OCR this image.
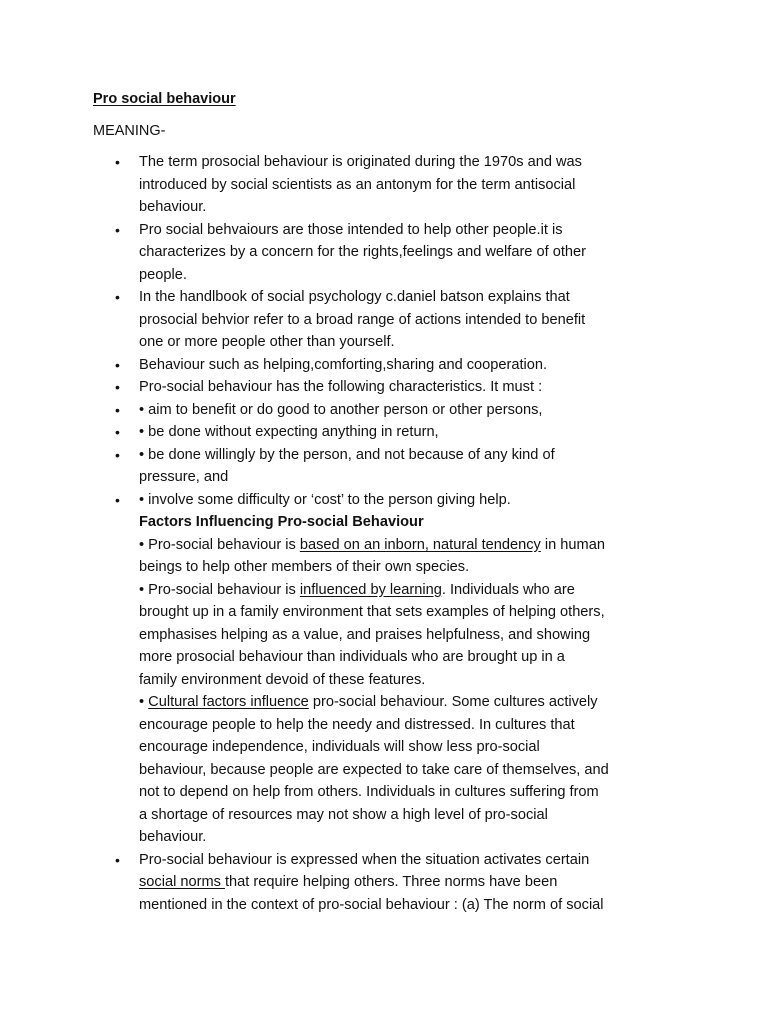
Pro social behaviour
MEANING-
• The term prosocial behaviour is originated during the 1970s and was
introduced by social scientists as an antonym for the term antisocial
behaviour.
• Pro social behvaiours are those intended to help other people.it is
characterizes by a concern for the rights,feelings and welfare of other
people.
• In the handlbook of social psychology c.daniel batson explains that
prosocial behvior refer to a broad range of actions intended to benefit
one or more people other than yourself.
• Behaviour such as helping,comforting,sharing and cooperation.
• Pro-social behaviour has the following characteristics. It must :
• • aim to benefit or do good to another person or other persons,
• • be done without expecting anything in return,
• • be done willingly by the person, and not because of any kind of
pressure, and
• • involve some difficulty or ‘cost’ to the person giving help.
Factors Influencing Pro-social Behaviour
• Pro-social behaviour is based on an inborn, natural tendency in human
beings to help other members of their own species.
• Pro-social behaviour is influenced by learning. Individuals who are
brought up in a family environment that sets examples of helping others,
emphasises helping as a value, and praises helpfulness, and showing
more prosocial behaviour than individuals who are brought up in a
family environment devoid of these features.
• Cultural factors influence pro-social behaviour. Some cultures actively
encourage people to help the needy and distressed. In cultures that
encourage independence, individuals will show less pro-social
behaviour, because people are expected to take care of themselves, and
not to depend on help from others. Individuals in cultures suffering from
a shortage of resources may not show a high level of pro-social
behaviour.
• Pro-social behaviour is expressed when the situation activates certain
social norms that require helping others. Three norms have been
mentioned in the context of pro-social behaviour : (a) The norm of social
